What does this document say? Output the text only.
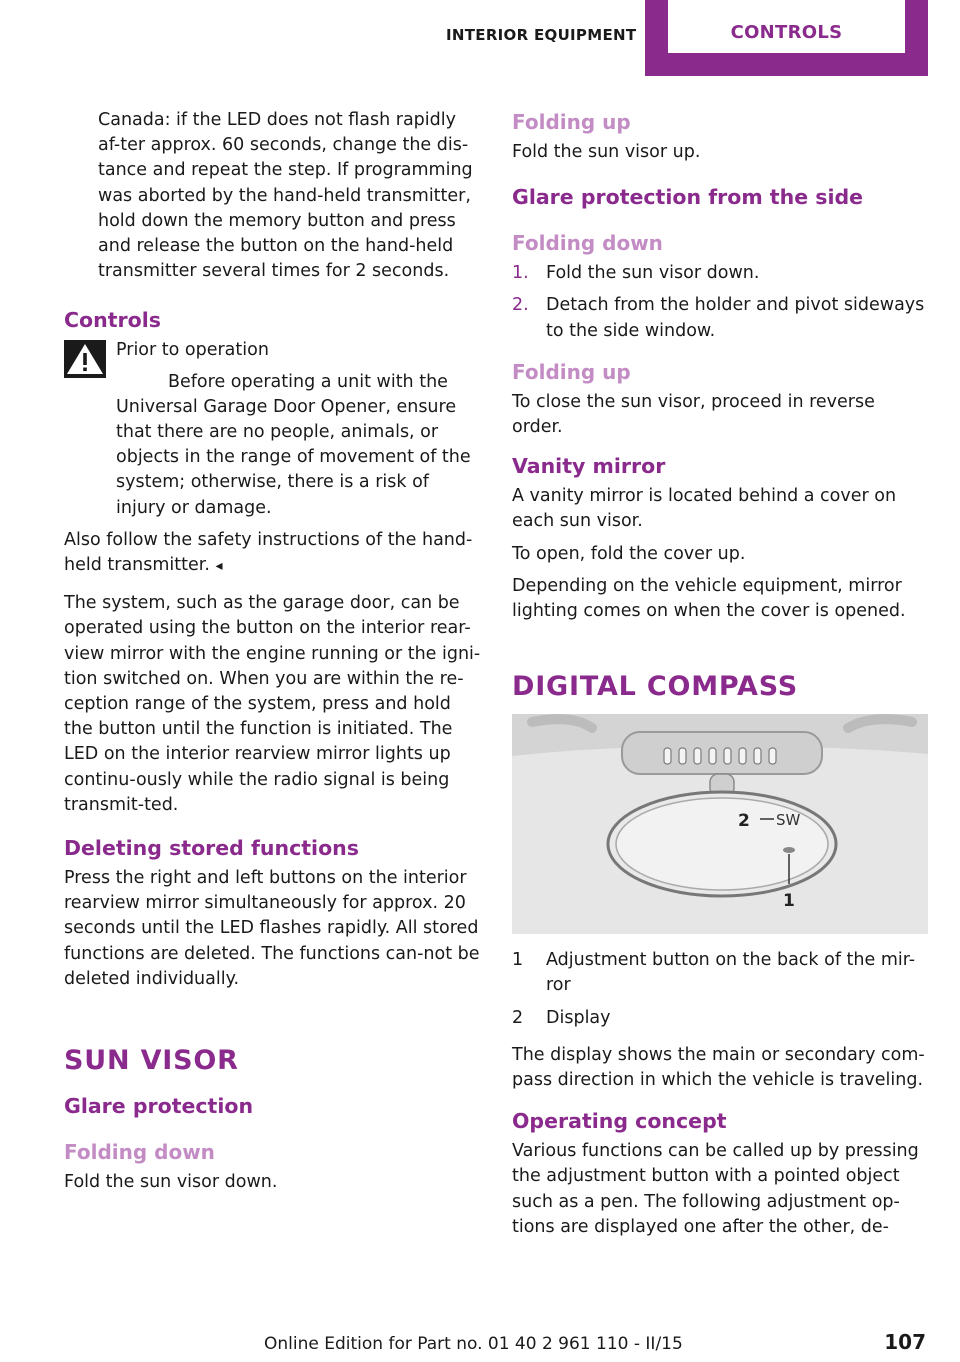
INTERIOR EQUIPMENT	CONTROLS

Canada: if the LED does not flash rapidly af-ter approx. 60 seconds, change the dis-tance and repeat the step. If programming was aborted by the hand-held transmitter, hold down the memory button and press and release the button on the hand-held transmitter several times for 2 seconds.

Controls

Prior to operation

Before operating a unit with the Universal Garage Door Opener, ensure that there are no people, animals, or objects in the range of movement of the system; otherwise, there is a risk of injury or damage.

Also follow the safety instructions of the hand-held transmitter. ◂

The system, such as the garage door, can be operated using the button on the interior rear-view mirror with the engine running or the igni-tion switched on. When you are within the re-ception range of the system, press and hold the button until the function is initiated. The LED on the interior rearview mirror lights up continu-ously while the radio signal is being transmit-ted.

Deleting stored functions

Press the right and left buttons on the interior rearview mirror simultaneously for approx. 20 seconds until the LED flashes rapidly. All stored functions are deleted. The functions can-not be deleted individually.

SUN VISOR
Glare protection
Folding down

Fold the sun visor down.

Folding up

Fold the sun visor up.

Glare protection from the side
Folding down
1. Fold the sun visor down.
2. Detach from the holder and pivot sideways to the side window.
Folding up

To close the sun visor, proceed in reverse order.

Vanity mirror

A vanity mirror is located behind a cover on each sun visor.

To open, fold the cover up.

Depending on the vehicle equipment, mirror lighting comes on when the cover is opened.

DIGITAL COMPASS
SW
2
1
1 Adjustment button on the back of the mir-ror
2 Display

The display shows the main or secondary com-pass direction in which the vehicle is traveling.

Operating concept

Various functions can be called up by pressing the adjustment button with a pointed object such as a pen. The following adjustment op-tions are displayed one after the other, de-

Online Edition for Part no. 01 40 2 961 110 - II/15	107
